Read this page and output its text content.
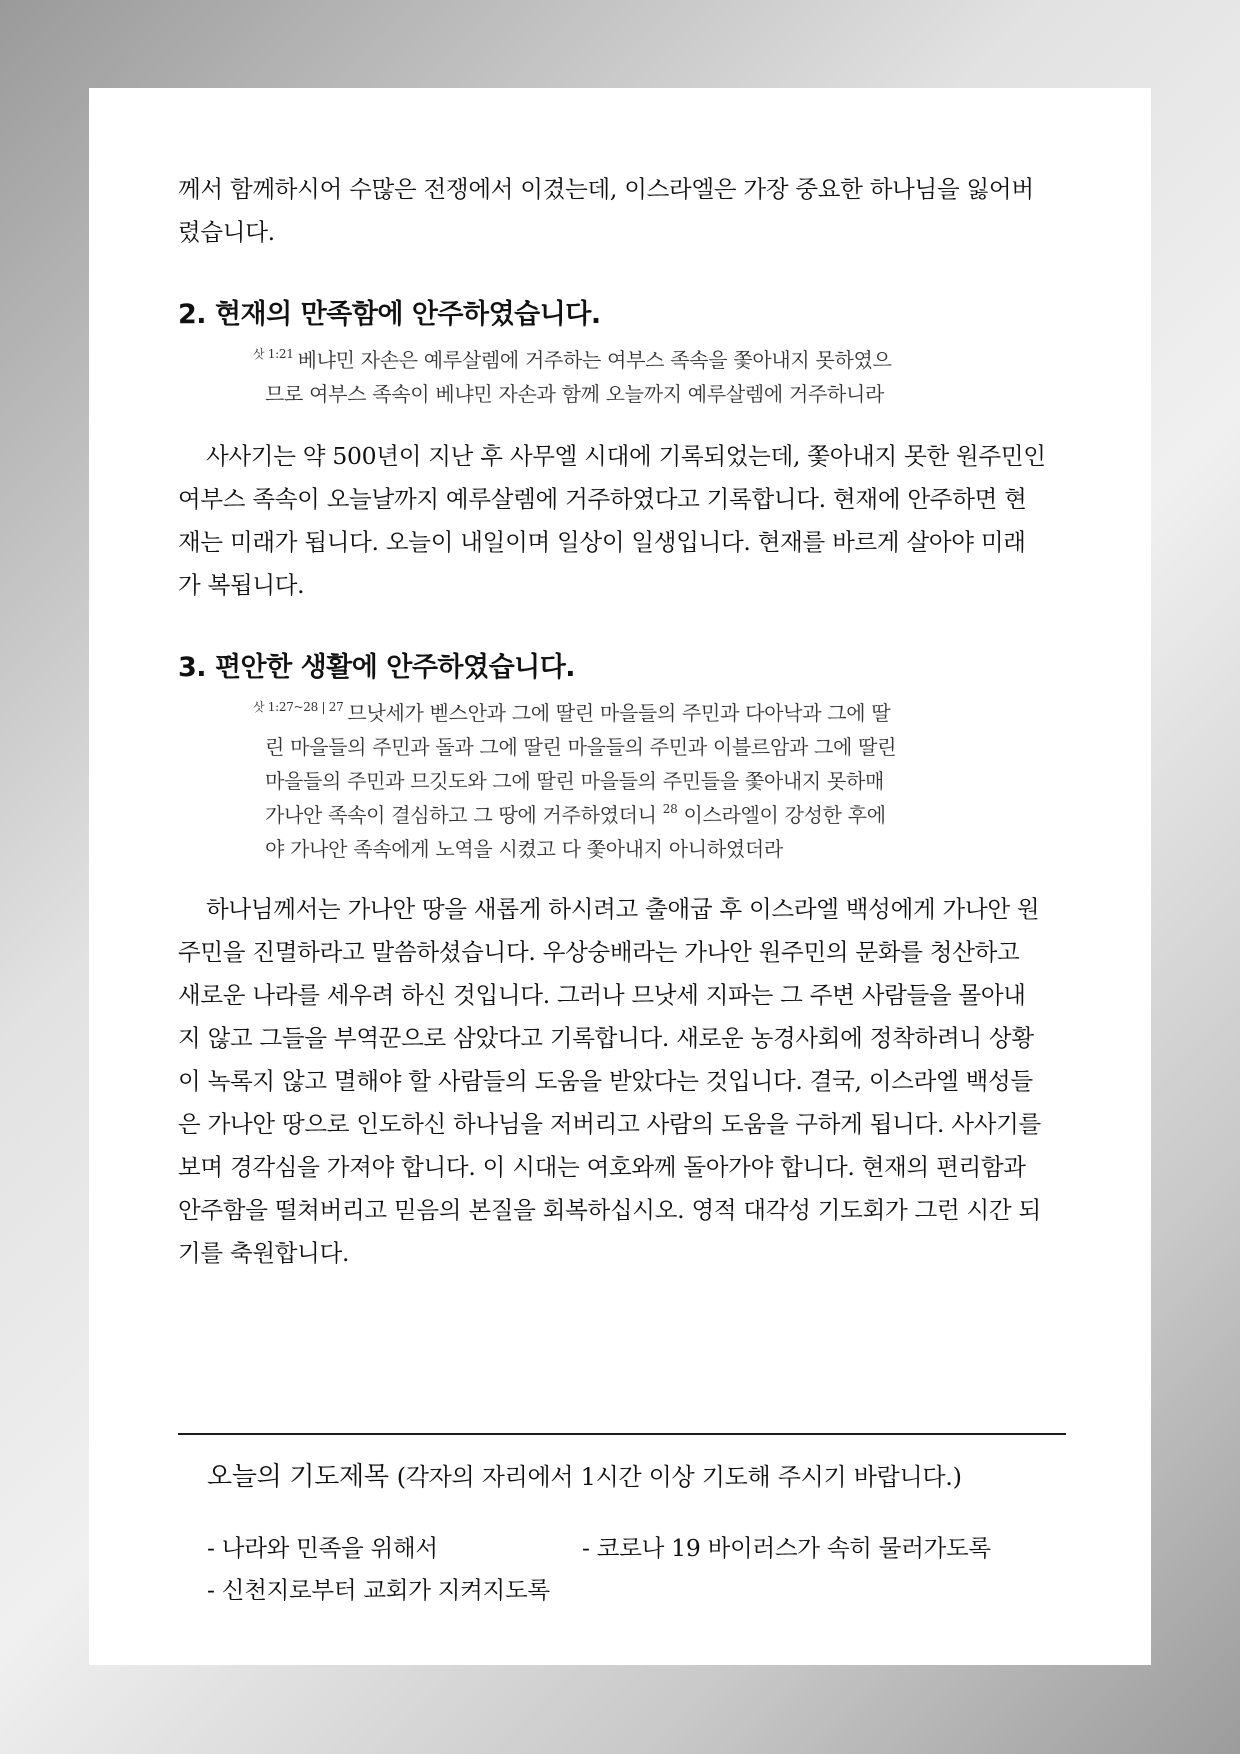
께서 함께하시어 수많은 전쟁에서 이겼는데, 이스라엘은 가장 중요한 하나님을 잃어버
렸습니다.

2. 현재의 만족함에 안주하였습니다.
$^{삿 1:21}$ 베냐민 자손은 예루살렘에 거주하는 여부스 족속을 쫓아내지 못하였으
므로 여부스 족속이 베냐민 자손과 함께 오늘까지 예루살렘에 거주하니라

사사기는 약 500년이 지난 후 사무엘 시대에 기록되었는데, 쫓아내지 못한 원주민인
여부스 족속이 오늘날까지 예루살렘에 거주하였다고 기록합니다. 현재에 안주하면 현
재는 미래가 됩니다. 오늘이 내일이며 일상이 일생입니다. 현재를 바르게 살아야 미래
가 복됩니다.

3. 편안한 생활에 안주하였습니다.
$^{삿 1:27\sim 28 | 27}$ 므낫세가 벧스안과 그에 딸린 마을들의 주민과 다아낙과 그에 딸
린 마을들의 주민과 돌과 그에 딸린 마을들의 주민과 이블르암과 그에 딸린
마을들의 주민과 므깃도와 그에 딸린 마을들의 주민들을 쫓아내지 못하매
가나안 족속이 결심하고 그 땅에 거주하였더니 $^{28}$ 이스라엘이 강성한 후에
야 가나안 족속에게 노역을 시켰고 다 쫓아내지 아니하였더라

하나님께서는 가나안 땅을 새롭게 하시려고 출애굽 후 이스라엘 백성에게 가나안 원
주민을 진멸하라고 말씀하셨습니다. 우상숭배라는 가나안 원주민의 문화를 청산하고
새로운 나라를 세우려 하신 것입니다. 그러나 므낫세 지파는 그 주변 사람들을 몰아내
지 않고 그들을 부역꾼으로 삼았다고 기록합니다. 새로운 농경사회에 정착하려니 상황
이 녹록지 않고 멸해야 할 사람들의 도움을 받았다는 것입니다. 결국, 이스라엘 백성들
은 가나안 땅으로 인도하신 하나님을 저버리고 사람의 도움을 구하게 됩니다. 사사기를
보며 경각심을 가져야 합니다. 이 시대는 여호와께 돌아가야 합니다. 현재의 편리함과
안주함을 떨쳐버리고 믿음의 본질을 회복하십시오. 영적 대각성 기도회가 그런 시간 되
기를 축원합니다.

오늘의 기도제목 (각자의 자리에서 1시간 이상 기도해 주시기 바랍니다.)
- 나라와 민족을 위해서	- 코로나 19 바이러스가 속히 물러가도록
- 신천지로부터 교회가 지켜지도록
